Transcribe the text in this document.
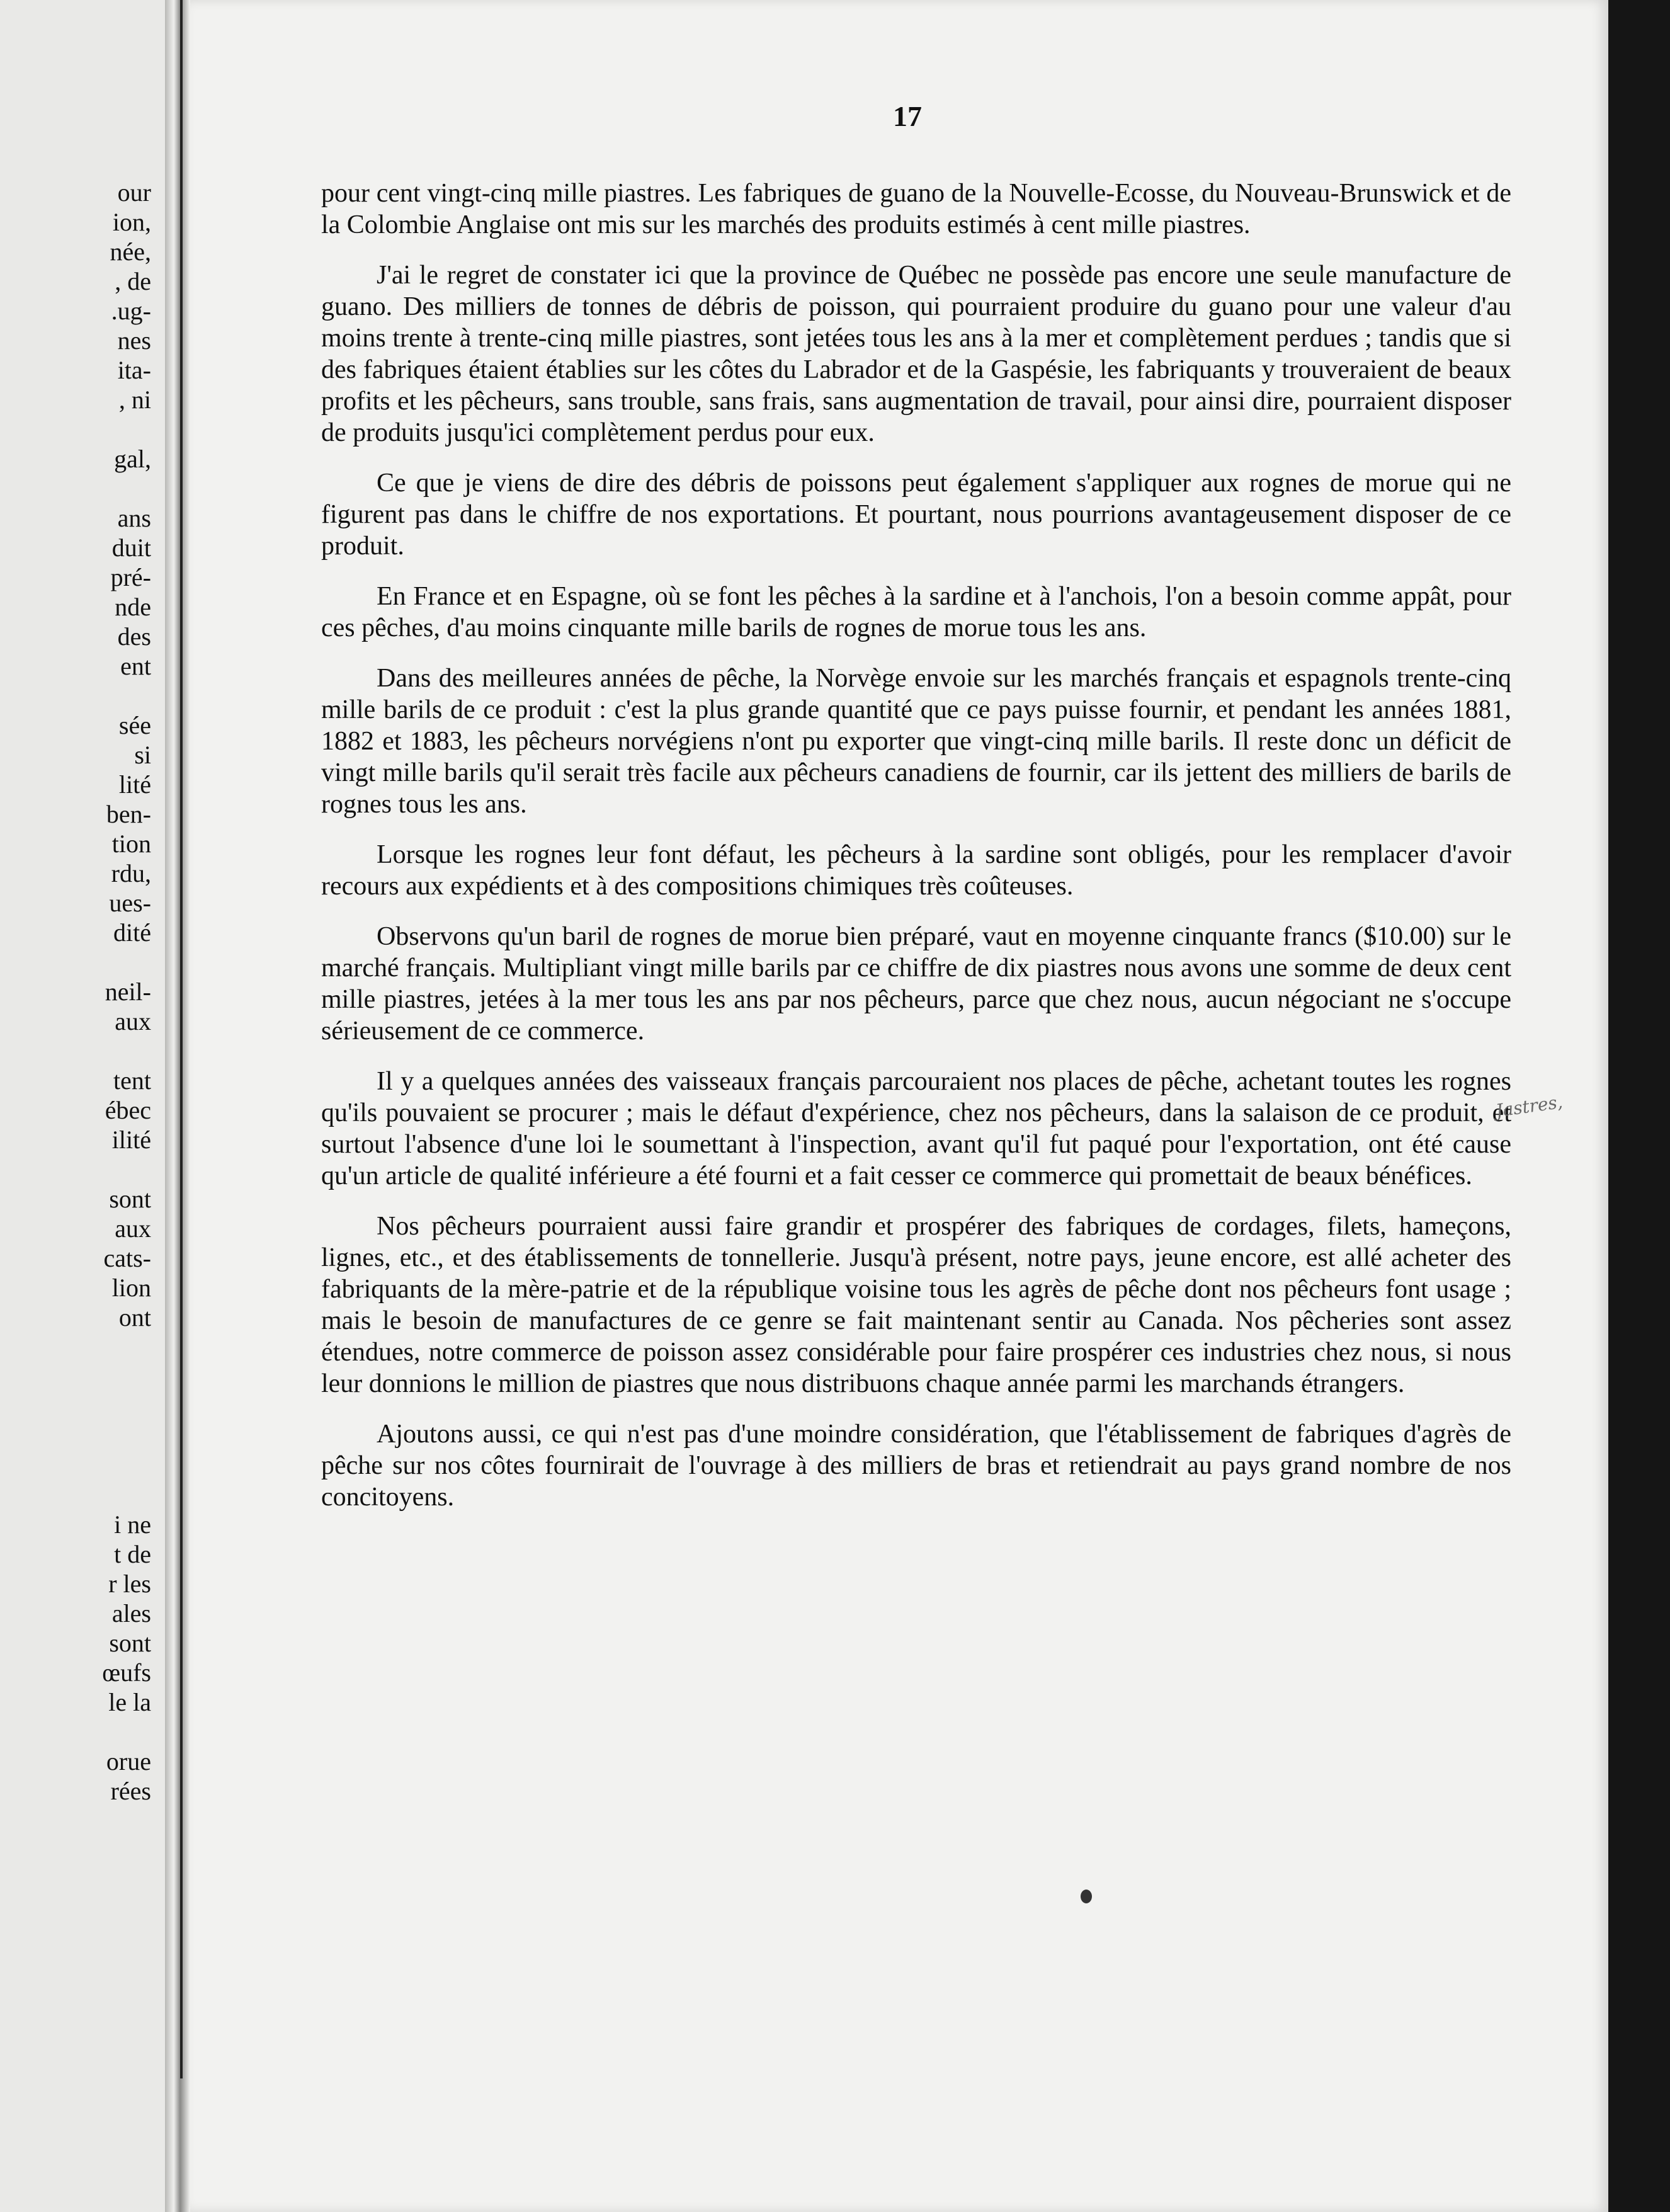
our
ion,
née,
, de
.ug-
nes
ita-
, ni
gal,
ans
duit
pré-
nde
des
ent
sée
si
lité
ben-
tion
rdu,
ues-
dité
neil-
aux
tent
ébec
ilité
sont
aux
cats-
lion
ont
i ne
t de
r les
ales
sont
œufs
le la
orue
rées
17

pour cent vingt-cinq mille piastres. Les fabriques de guano de la Nouvelle-Ecosse, du Nouveau-Brunswick et de la Colombie Anglaise ont mis sur les marchés des produits estimés à cent mille piastres.

J'ai le regret de constater ici que la province de Québec ne possède pas encore une seule manufacture de guano. Des milliers de tonnes de débris de poisson, qui pourraient produire du guano pour une valeur d'au moins trente à trente-cinq mille piastres, sont jetées tous les ans à la mer et complètement perdues ; tandis que si des fabriques étaient établies sur les côtes du Labrador et de la Gaspésie, les fabriquants y trouveraient de beaux profits et les pêcheurs, sans trouble, sans frais, sans augmentation de travail, pour ainsi dire, pourraient disposer de produits jusqu'ici complètement perdus pour eux.

Ce que je viens de dire des débris de poissons peut également s'appliquer aux rognes de morue qui ne figurent pas dans le chiffre de nos exportations. Et pourtant, nous pourrions avantageusement disposer de ce produit.

En France et en Espagne, où se font les pêches à la sardine et à l'anchois, l'on a besoin comme appât, pour ces pêches, d'au moins cinquante mille barils de rognes de morue tous les ans.

Dans des meilleures années de pêche, la Norvège envoie sur les marchés français et espagnols trente-cinq mille barils de ce produit : c'est la plus grande quantité que ce pays puisse fournir, et pendant les années 1881, 1882 et 1883, les pêcheurs norvégiens n'ont pu exporter que vingt-cinq mille barils. Il reste donc un déficit de vingt mille barils qu'il serait très facile aux pêcheurs canadiens de fournir, car ils jettent des milliers de barils de rognes tous les ans.

Lorsque les rognes leur font défaut, les pêcheurs à la sardine sont obligés, pour les remplacer d'avoir recours aux expédients et à des compositions chimiques très coûteuses.

Observons qu'un baril de rognes de morue bien préparé, vaut en moyenne cinquante francs ($10.00) sur le marché français. Multipliant vingt mille barils par ce chiffre de dix piastres nous avons une somme de deux cent mille piastres, jetées à la mer tous les ans par nos pêcheurs, parce que chez nous, aucun négociant ne s'occupe sérieusement de ce commerce.

Il y a quelques années des vaisseaux français parcouraient nos places de pêche, achetant toutes les rognes qu'ils pouvaient se procurer ; mais le défaut d'expérience, chez nos pêcheurs, dans la salaison de ce produit, et surtout l'absence d'une loi le soumettant à l'inspection, avant qu'il fut paqué pour l'exportation, ont été cause qu'un article de qualité inférieure a été fourni et a fait cesser ce commerce qui promettait de beaux bénéfices.

Nos pêcheurs pourraient aussi faire grandir et prospérer des fabriques de cordages, filets, hameçons, lignes, etc., et des établissements de tonnellerie. Jusqu'à présent, notre pays, jeune encore, est allé acheter des fabriquants de la mère-patrie et de la république voisine tous les agrès de pêche dont nos pêcheurs font usage ; mais le besoin de manufactures de ce genre se fait maintenant sentir au Canada. Nos pêcheries sont assez étendues, notre commerce de poisson assez considérable pour faire prospérer ces industries chez nous, si nous leur donnions le million de piastres que nous distribuons chaque année parmi les marchands étrangers.

Ajoutons aussi, ce qui n'est pas d'une moindre considération, que l'établissement de fabriques d'agrès de pêche sur nos côtes fournirait de l'ouvrage à des milliers de bras et retiendrait au pays grand nombre de nos concitoyens.

Jastres,
